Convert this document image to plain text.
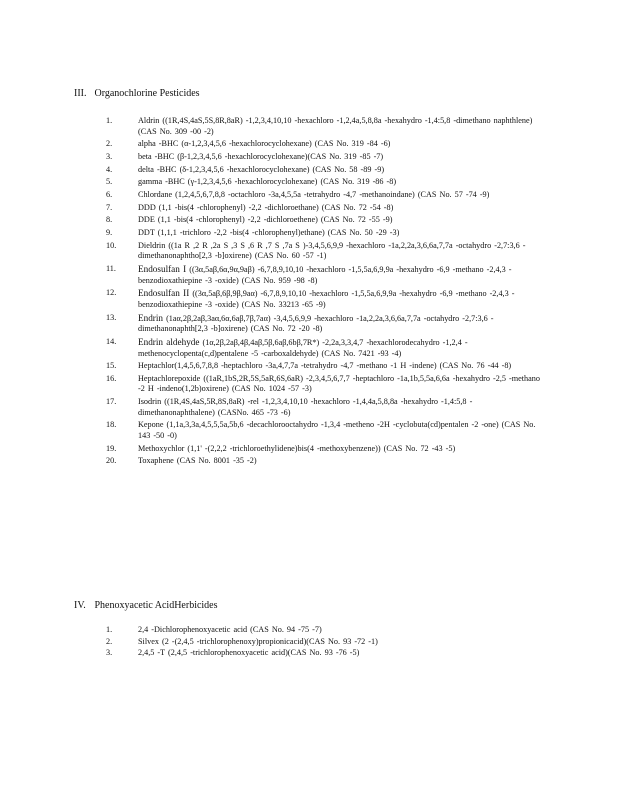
III. Organochlorine Pesticides
1.	Aldrin ((1R,4S,4aS,5S,8R,8aR) -1,2,3,4,10,10 -hexachloro -1,2,4a,5,8,8a -hexahydro -1,4:5,8 -dimethano naphthlene) (CAS No. 309 -00 -2)
2.	alpha -BHC (α-1,2,3,4,5,6 -hexachlorocyclohexane) (CAS No. 319 -84 -6)
3.	beta -BHC (β-1,2,3,4,5,6 -hexachlorocyclohexane)(CAS No. 319 -85 -7)
4.	delta -BHC (δ-1,2,3,4,5,6 -hexachlorocyclohexane) (CAS No. 58 -89 -9)
5.	gamma -BHC (γ-1,2,3,4,5,6 -hexachlorocyclohexane) (CAS No. 319 -86 -8)
6.	Chlordane (1,2,4,5,6,7,8,8 -octachloro -3a,4,5,5a -tetrahydro -4,7 -methanoindane) (CAS No. 57 -74 -9)
7.	DDD (1,1 -bis(4 -chlorophenyl) -2,2 -dichloroethane) (CAS No. 72 -54 -8)
8.	DDE (1,1 -bis(4 -chlorophenyl) -2,2 -dichloroethene) (CAS No. 72 -55 -9)
9.	DDT (1,1,1 -trichloro -2,2 -bis(4 -chlorophenyl)ethane) (CAS No. 50 -29 -3)
10.	Dieldrin ((1a R ,2 R ,2a S ,3 S ,6 R ,7 S ,7a S )-3,4,5,6,9,9 -hexachloro -1a,2,2a,3,6,6a,7,7a -octahydro -2,7:3,6 -dimethanonaphtho[2,3 -b]oxirene) (CAS No. 60 -57 -1)
11. Endosulfan I ((3α,5aβ,6α,9α,9aβ) -6,7,8,9,10,10 -hexachloro -1,5,5a,6,9,9a -hexahydro -6,9 -methano -2,4,3 -benzodioxathiepine -3 -oxide) (CAS No. 959 -98 -8)
12. Endosulfan II ((3α,5aβ,6β,9β,9aα) -6,7,8,9,10,10 -hexachloro -1,5,5a,6,9,9a -hexahydro -6,9 -methano -2,4,3 -benzodioxathiepine -3 -oxide) (CAS No. 33213 -65 -9)
13. Endrin (1aα,2β,2aβ,3aα,6α,6aβ,7β,7aα) -3,4,5,6,9,9 -hexachloro -1a,2,2a,3,6,6a,7,7a -octahydro -2,7:3,6 -dimethanonaphth[2,3 -b]oxirene) (CAS No. 72 -20 -8)
14. Endrin aldehyde (1α,2β,2aβ,4β,4aβ,5β,6aβ,6bβ,7R*) -2,2a,3,3,4,7 -hexachlorodecahydro -1,2,4 -methenocyclopenta(c,d)pentalene -5 -carboxaldehyde) (CAS No. 7421 -93 -4)
15.	Heptachlor(1,4,5,6,7,8,8 -heptachloro -3a,4,7,7a -tetrahydro -4,7 -methano -1 H -indene) (CAS No. 76 -44 -8)
16.	Heptachlorepoxide ((1aR,1bS,2R,5S,5aR,6S,6aR) -2,3,4,5,6,7,7 -heptachloro -1a,1b,5,5a,6,6a -hexahydro -2,5 -methano -2 H -indeno(1,2b)oxirene) (CAS No. 1024 -57 -3)
17.	Isodrin ((1R,4S,4aS,5R,8S,8aR) -rel -1,2,3,4,10,10 -hexachloro -1,4,4a,5,8,8a -hexahydro -1,4:5,8 -dimethanonaphthalene) (CASNo. 465 -73 -6)
18.	Kepone (1,1a,3,3a,4,5,5,5a,5b,6 -decachlorooctahydro -1,3,4 -metheno -2H -cyclobuta(cd)pentalen -2 -one) (CAS No. 143 -50 -0)
19.	Methoxychlor (1,1' -(2,2,2 -trichloroethylidene)bis(4 -methoxybenzene)) (CAS No. 72 -43 -5)
20.	Toxaphene (CAS No. 8001 -35 -2)
IV. Phenoxyacetic AcidHerbicides
1.	2,4 -Dichlorophenoxyacetic acid (CAS No. 94 -75 -7)
2.	Silvex (2 -(2,4,5 -trichlorophenoxy)propionicacid)(CAS No. 93 -72 -1)
3.	2,4,5 -T (2,4,5 -trichlorophenoxyacetic acid)(CAS No. 93 -76 -5)
